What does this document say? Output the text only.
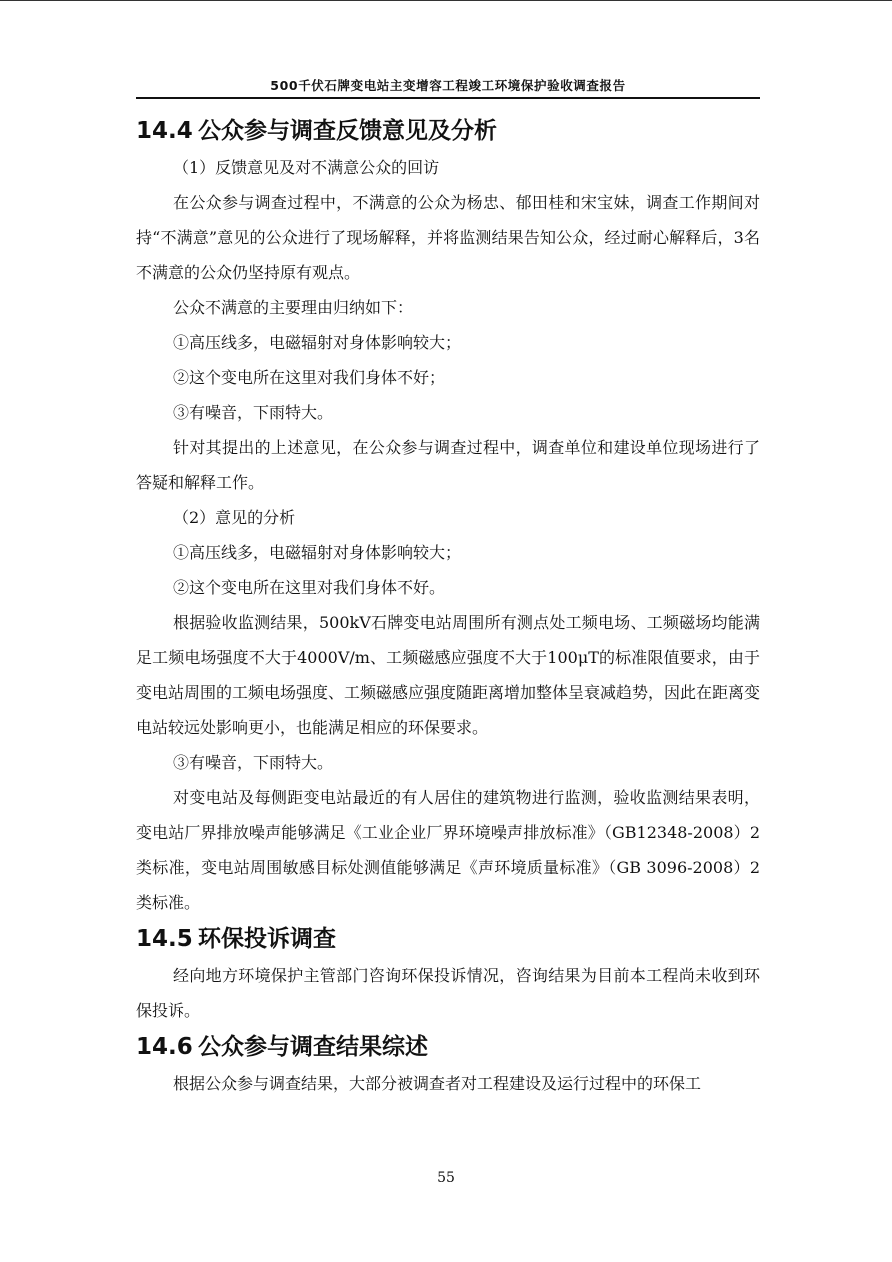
500千伏石牌变电站主变增容工程竣工环境保护验收调查报告
14.4 公众参与调查反馈意见及分析
（1）反馈意见及对不满意公众的回访
在公众参与调查过程中，不满意的公众为杨忠、郁田桂和宋宝妹，调查工作期间对持“不满意”意见的公众进行了现场解释，并将监测结果告知公众，经过耐心解释后，3名不满意的公众仍坚持原有观点。
公众不满意的主要理由归纳如下：
①高压线多，电磁辐射对身体影响较大；
②这个变电所在这里对我们身体不好；
③有噪音，下雨特大。
针对其提出的上述意见，在公众参与调查过程中，调查单位和建设单位现场进行了答疑和解释工作。
（2）意见的分析
①高压线多，电磁辐射对身体影响较大；
②这个变电所在这里对我们身体不好。
根据验收监测结果，500kV石牌变电站周围所有测点处工频电场、工频磁场均能满足工频电场强度不大于4000V/m、工频磁感应强度不大于100μT的标准限值要求，由于变电站周围的工频电场强度、工频磁感应强度随距离增加整体呈衰减趋势，因此在距离变电站较远处影响更小，也能满足相应的环保要求。
③有噪音，下雨特大。
对变电站及每侧距变电站最近的有人居住的建筑物进行监测，验收监测结果表明，变电站厂界排放噪声能够满足《工业企业厂界环境噪声排放标准》（GB12348-2008）2类标准，变电站周围敏感目标处测值能够满足《声环境质量标准》（GB 3096-2008）2类标准。
14.5 环保投诉调查
经向地方环境保护主管部门咨询环保投诉情况，咨询结果为目前本工程尚未收到环保投诉。
14.6 公众参与调查结果综述
根据公众参与调查结果，大部分被调查者对工程建设及运行过程中的环保工
55
